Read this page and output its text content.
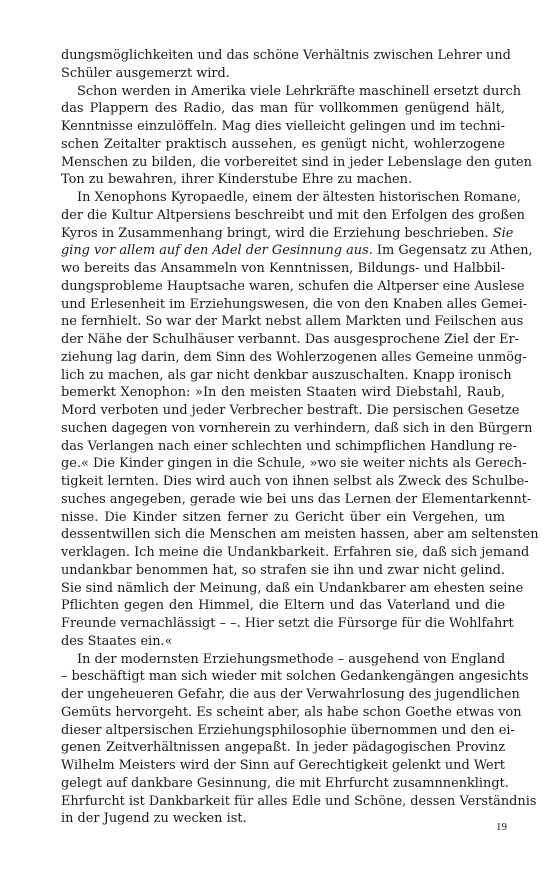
dungsmöglichkeiten und das schöne Verhältnis zwischen Lehrer und
Schüler ausgemerzt wird.

Schon werden in Amerika viele Lehrkräfte maschinell ersetzt durch
das Plappern des Radio, das man für vollkommen genügend hält,
Kenntnisse einzulöffeln. Mag dies vielleicht gelingen und im techni-
schen Zeitalter praktisch aussehen, es genügt nicht, wohlerzogene
Menschen zu bilden, die vorbereitet sind in jeder Lebenslage den guten
Ton zu bewahren, ihrer Kinderstube Ehre zu machen.

In Xenophons Kyropaedle, einem der ältesten historischen Romane,
der die Kultur Altpersiens beschreibt und mit den Erfolgen des großen
Kyros in Zusammenhang bringt, wird die Erziehung beschrieben. Sie
ging vor allem auf den Adel der Gesinnung aus. Im Gegensatz zu Athen,
wo bereits das Ansammeln von Kenntnissen, Bildungs- und Halbbil-
dungsprobleme Hauptsache waren, schufen die Altperser eine Auslese
und Erlesenheit im Erziehungswesen, die von den Knaben alles Gemei-
ne fernhielt. So war der Markt nebst allem Markten und Feilschen aus
der Nähe der Schulhäuser verbannt. Das ausgesprochene Ziel der Er-
ziehung lag darin, dem Sinn des Wohlerzogenen alles Gemeine unmög-
lich zu machen, als gar nicht denkbar auszuschalten. Knapp ironisch
bemerkt Xenophon: »In den meisten Staaten wird Diebstahl, Raub,
Mord verboten und jeder Verbrecher bestraft. Die persischen Gesetze
suchen dagegen von vornherein zu verhindern, daß sich in den Bürgern
das Verlangen nach einer schlechten und schimpflichen Handlung re-
ge.« Die Kinder gingen in die Schule, »wo sie weiter nichts als Gerech-
tigkeit lernten. Dies wird auch von ihnen selbst als Zweck des Schulbe-
suches angegeben, gerade wie bei uns das Lernen der Elementarkennt-
nisse. Die Kinder sitzen ferner zu Gericht über ein Vergehen, um
dessentwillen sich die Menschen am meisten hassen, aber am seltensten
verklagen. Ich meine die Undankbarkeit. Erfahren sie, daß sich jemand
undankbar benommen hat, so strafen sie ihn und zwar nicht gelind.
Sie sind nämlich der Meinung, daß ein Undankbarer am ehesten seine
Pflichten gegen den Himmel, die Eltern und das Vaterland und die
Freunde vernachlässigt – –. Hier setzt die Fürsorge für die Wohlfahrt
des Staates ein.«

In der modernsten Erziehungsmethode – ausgehend von England
– beschäftigt man sich wieder mit solchen Gedankengängen angesichts
der ungeheueren Gefahr, die aus der Verwahrlosung des jugendlichen
Gemüts hervorgeht. Es scheint aber, als habe schon Goethe etwas von
dieser altpersischen Erziehungsphilosophie übernommen und den ei-
genen Zeitverhältnissen angepaßt. In jeder pädagogischen Provinz
Wilhelm Meisters wird der Sinn auf Gerechtigkeit gelenkt und Wert
gelegt auf dankbare Gesinnung, die mit Ehrfurcht zusamnnenklingt.
Ehrfurcht ist Dankbarkeit für alles Edle und Schöne, dessen Verständnis
in der Jugend zu wecken ist.

19
